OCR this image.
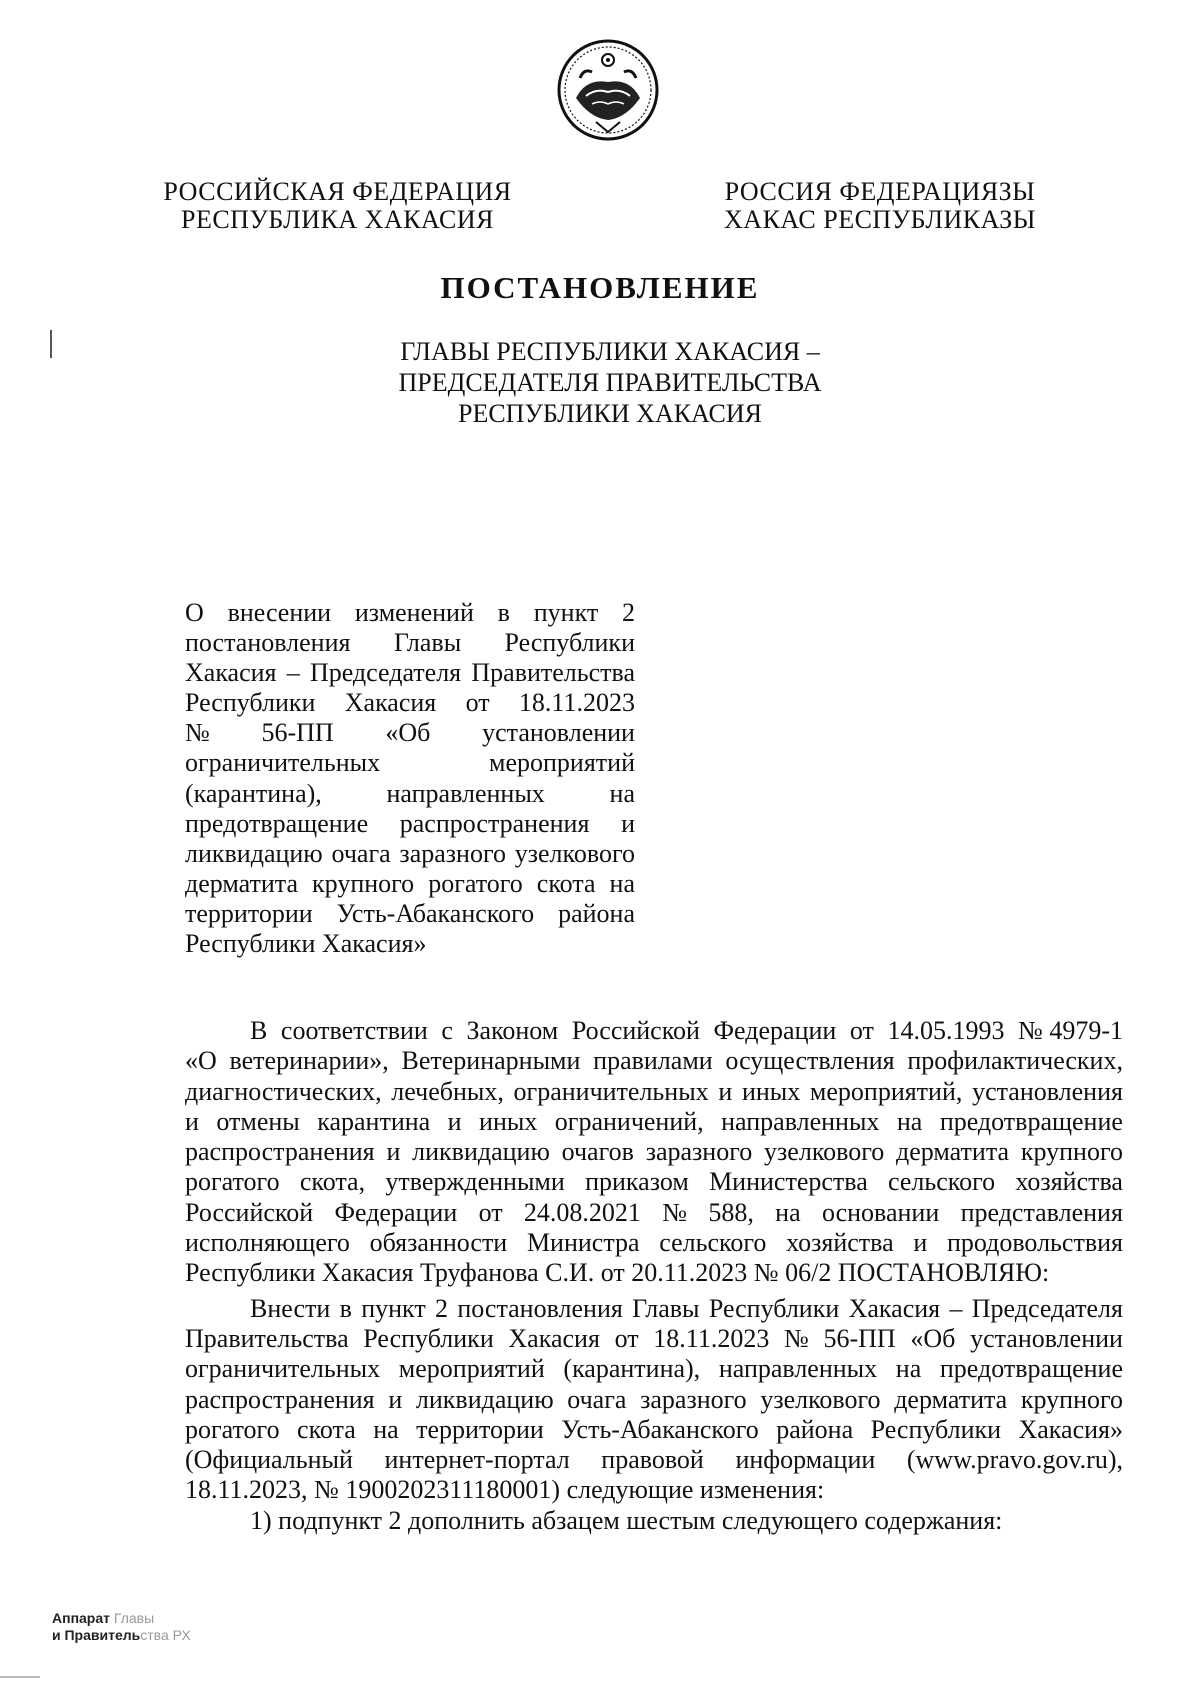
РОССИЙСКАЯ ФЕДЕРАЦИЯ
РЕСПУБЛИКА ХАКАСИЯ
РОССИЯ ФЕДЕРАЦИЯЗЫ
ХАКАС РЕСПУБЛИКАЗЫ
ПОСТАНОВЛЕНИЕ
ГЛАВЫ РЕСПУБЛИКИ ХАКАСИЯ –
ПРЕДСЕДАТЕЛЯ ПРАВИТЕЛЬСТВА
РЕСПУБЛИКИ ХАКАСИЯ
О внесении изменений в пункт 2
постановления Главы Республики
Хакасия – Председателя Правительства
Республики Хакасия от 18.11.2023
№ 56-ПП «Об установлении
ограничительных	мероприятий
(карантина), направленных на
предотвращение распространения и
ликвидацию очага заразного узелкового
дерматита крупного рогатого скота на
территории Усть-Абаканского района
Республики Хакасия»
В соответствии с Законом Российской Федерации от 14.05.1993 № 4979-1
«О ветеринарии», Ветеринарными правилами осуществления профилактических,
диагностических, лечебных, ограничительных и иных мероприятий, установления
и отмены карантина и иных ограничений, направленных на предотвращение
распространения и ликвидацию очагов заразного узелкового дерматита крупного
рогатого скота, утвержденными приказом Министерства сельского хозяйства
Российской Федерации от 24.08.2021 № 588, на основании представления
исполняющего обязанности Министра сельского хозяйства и продовольствия
Республики Хакасия Труфанова С.И. от 20.11.2023 № 06/2 ПОСТАНОВЛЯЮ:
Внести в пункт 2 постановления Главы Республики Хакасия – Председателя
Правительства Республики Хакасия от 18.11.2023 № 56-ПП «Об установлении
ограничительных мероприятий (карантина), направленных на предотвращение
распространения и ликвидацию очага заразного узелкового дерматита крупного
рогатого скота на территории Усть-Абаканского района Республики Хакасия»
(Официальный интернет-портал правовой информации (www.pravo.gov.ru),
18.11.2023, № 1900202311180001) следующие изменения:
1) подпункт 2 дополнить абзацем шестым следующего содержания:
Аппарат Главы
и Правительства РХ
